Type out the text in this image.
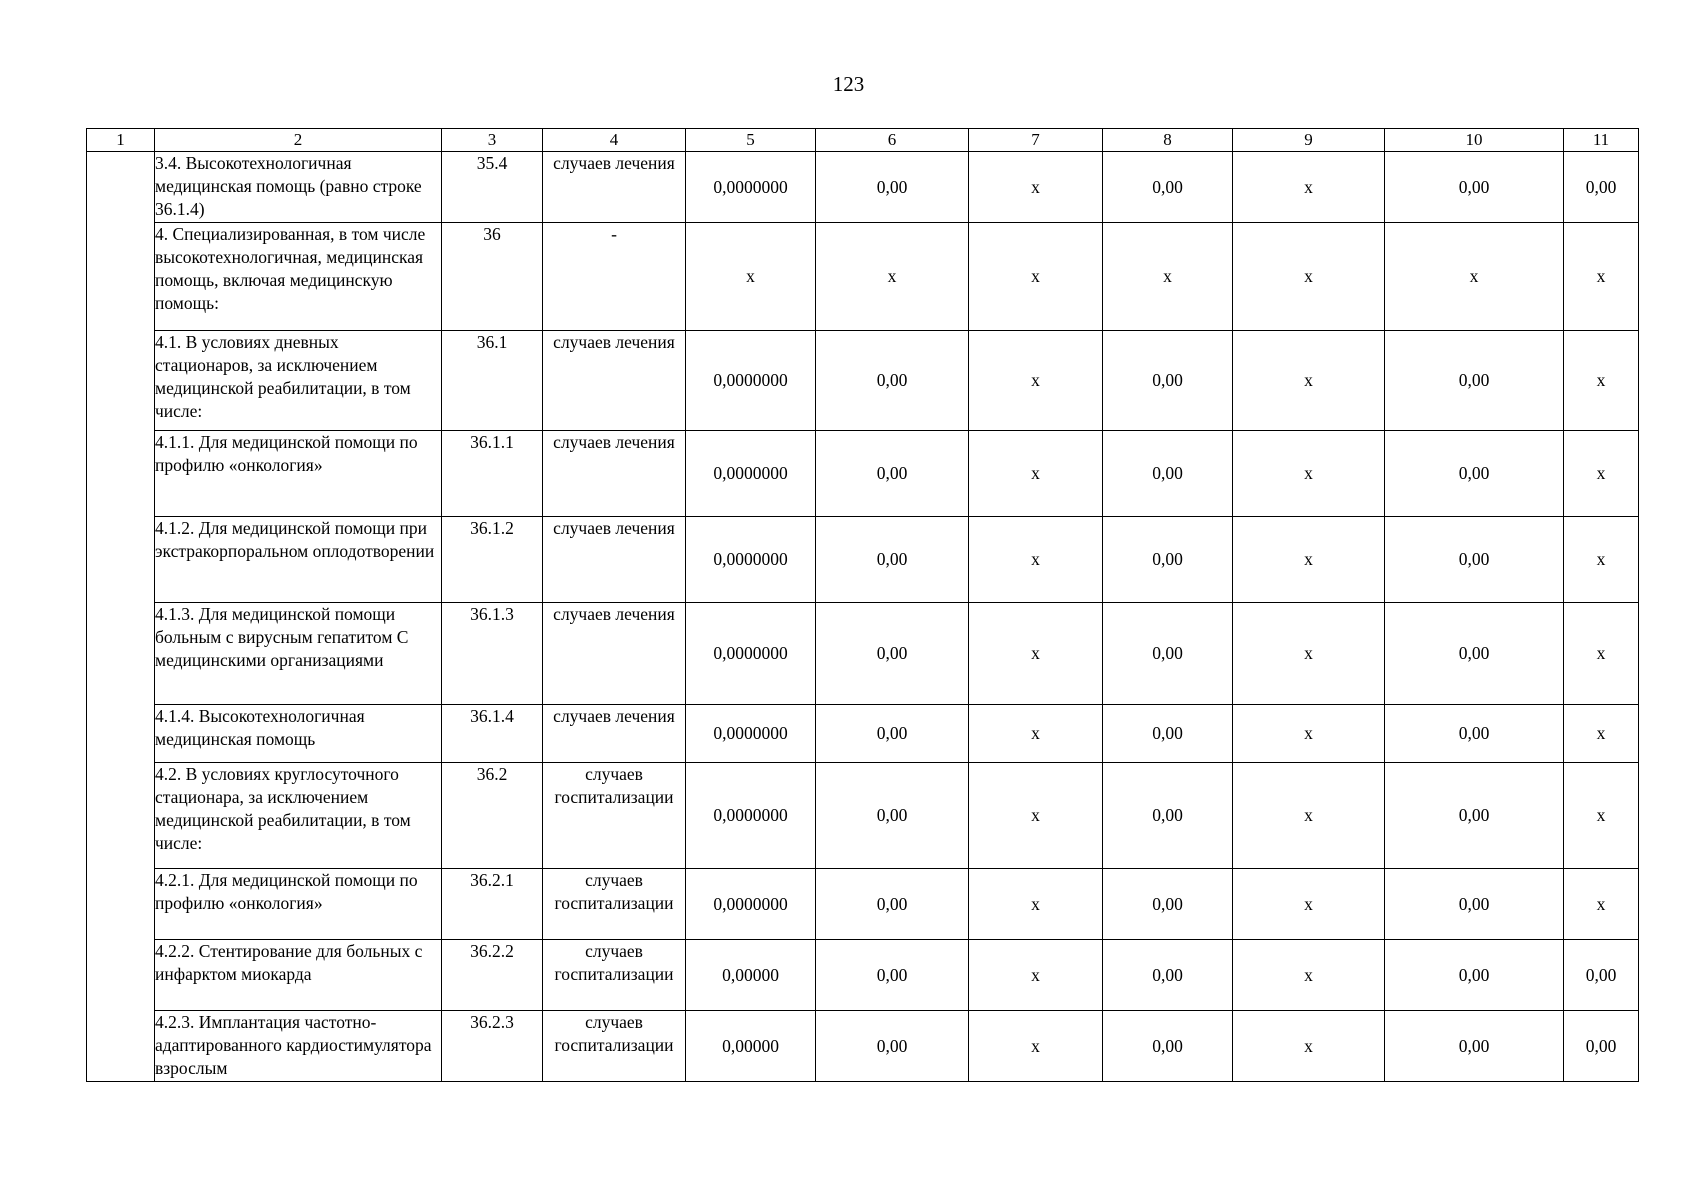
123
1	2	3	4	5	6	7	8	9	10	11
	3.4. Высокотехнологичная медицинская помощь (равно строке 36.1.4)	35.4	случаев лечения	0,0000000	0,00	х	0,00	х	0,00	0,00
	4. Специализированная, в том числе высокотехнологичная, медицинская помощь, включая медицинскую помощь:	36	-	х	х	х	х	х	х	х
	4.1. В условиях дневных стационаров, за исключением медицинской реабилитации, в том числе:	36.1	случаев лечения	0,0000000	0,00	х	0,00	х	0,00	х
	4.1.1. Для медицинской помощи по профилю «онкология»	36.1.1	случаев лечения	0,0000000	0,00	х	0,00	х	0,00	х
	4.1.2. Для медицинской помощи при экстракорпоральном оплодотворении	36.1.2	случаев лечения	0,0000000	0,00	х	0,00	х	0,00	х
	4.1.3. Для медицинской помощи больным с вирусным гепатитом С медицинскими организациями	36.1.3	случаев лечения	0,0000000	0,00	х	0,00	х	0,00	х
	4.1.4. Высокотехнологичная медицинская помощь	36.1.4	случаев лечения	0,0000000	0,00	х	0,00	х	0,00	х
	4.2. В условиях круглосуточного стационара, за исключением медицинской реабилитации, в том числе:	36.2	случаев госпитализации	0,0000000	0,00	х	0,00	х	0,00	х
	4.2.1. Для медицинской помощи по профилю «онкология»	36.2.1	случаев госпитализации	0,0000000	0,00	х	0,00	х	0,00	х
	4.2.2. Стентирование для больных с инфарктом миокарда	36.2.2	случаев госпитализации	0,00000	0,00	х	0,00	х	0,00	0,00
	4.2.3. Имплантация частотно-адаптированного кардиостимулятора взрослым	36.2.3	случаев госпитализации	0,00000	0,00	х	0,00	х	0,00	0,00
